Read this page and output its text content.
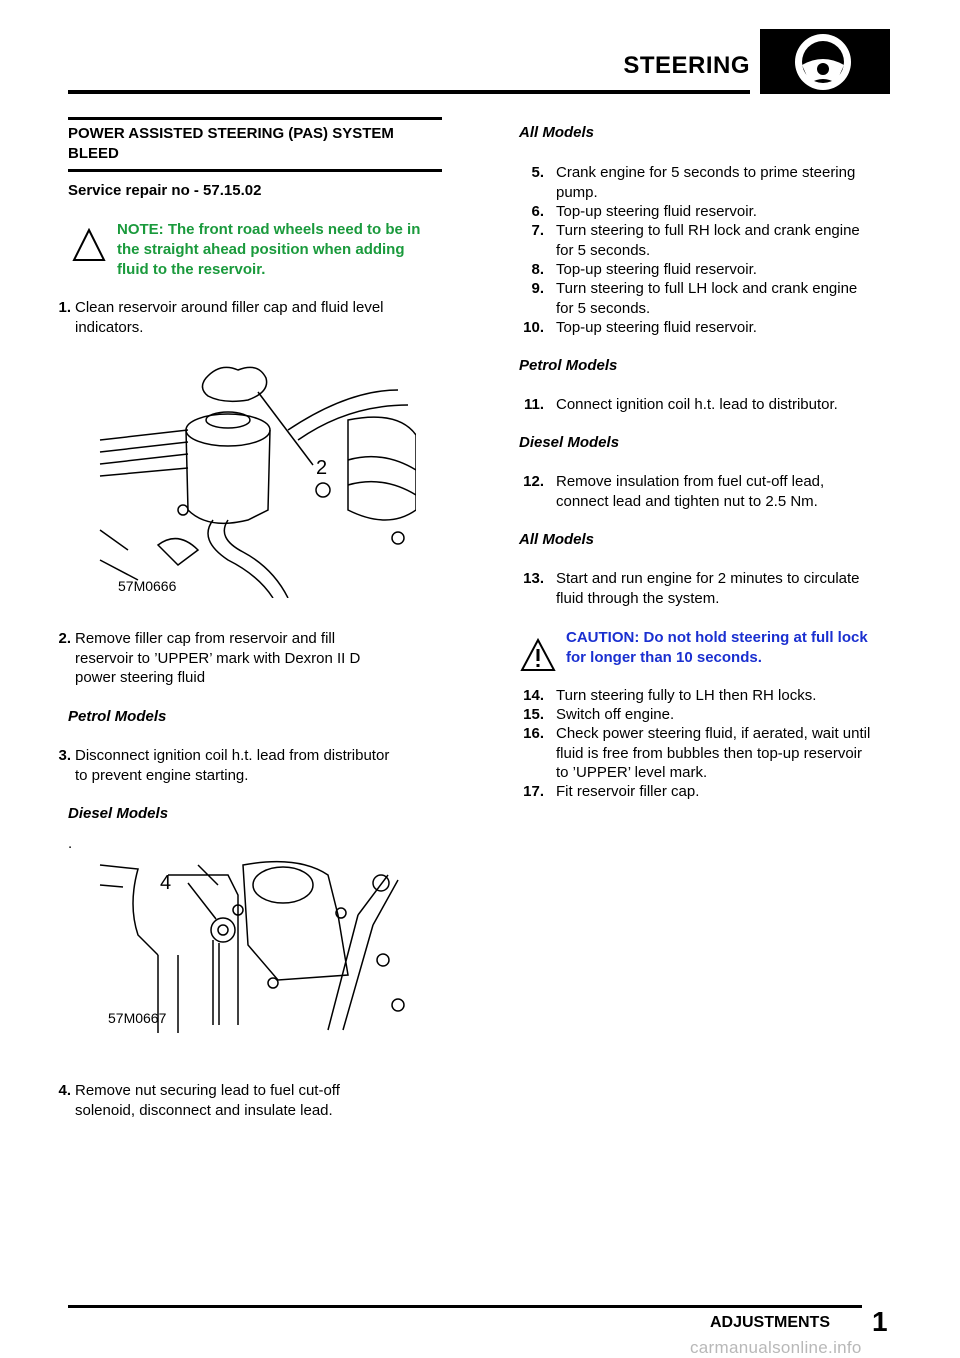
STEERING
POWER ASSISTED STEERING (PAS) SYSTEM
BLEED
Service repair no - 57.15.02
NOTE: The front road wheels need to be in
the straight ahead position when adding
fluid to the reservoir.
1. Clean reservoir around filler cap and fluid level
indicators.
57M0666
2
2. Remove filler cap from reservoir and fill
reservoir to ’UPPER’ mark with Dexron II D
power steering fluid
Petrol Models
3. Disconnect ignition coil h.t. lead from distributor
to prevent engine starting.
Diesel Models
.
57M0667
4
4. Remove nut securing lead to fuel cut-off
solenoid, disconnect and insulate lead.
All Models
5. Crank engine for 5 seconds to prime steering
pump.
6. Top-up steering fluid reservoir.
7. Turn steering to full RH lock and crank engine
for 5 seconds.
8. Top-up steering fluid reservoir.
9. Turn steering to full LH lock and crank engine
for 5 seconds.
10. Top-up steering fluid reservoir.
Petrol Models
11. Connect ignition coil h.t. lead to distributor.
Diesel Models
12. Remove insulation from fuel cut-off lead,
connect lead and tighten nut to 2.5 Nm.
All Models
13. Start and run engine for 2 minutes to circulate
fluid through the system.
CAUTION: Do not hold steering at full lock
for longer than 10 seconds.
14. Turn steering fully to LH then RH locks.
15. Switch off engine.
16. Check power steering fluid, if aerated, wait until
fluid is free from bubbles then top-up reservoir
to ’UPPER’ level mark.
17. Fit reservoir filler cap.
ADJUSTMENTS 1
carmanualsonline.info
